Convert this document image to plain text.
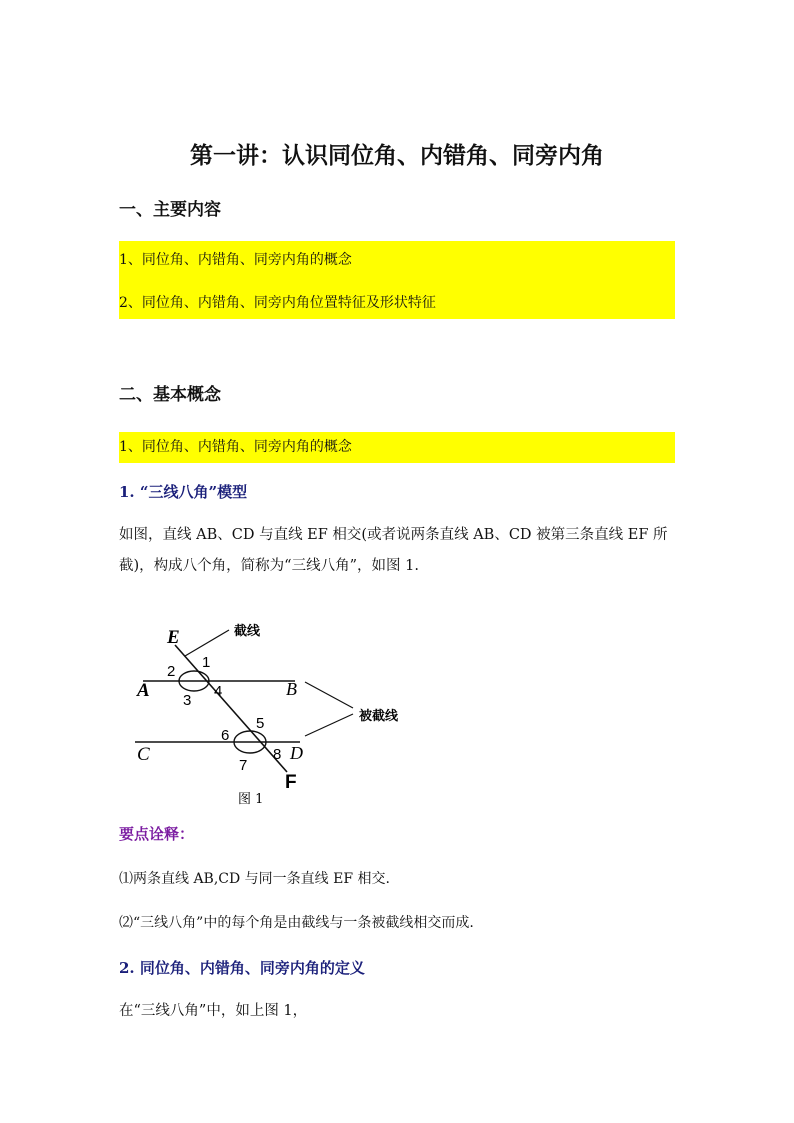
第一讲：认识同位角、内错角、同旁内角
一、主要内容
1、同位角、内错角、同旁内角的概念
2、同位角、内错角、同旁内角位置特征及形状特征
二、基本概念
1、同位角、内错角、同旁内角的概念
1. “三线八角”模型

如图，直线 AB、CD 与直线 EF 相交(或者说两条直线 AB、CD 被第三条直线 EF 所

截)，构成八个角，简称为“三线八角”，如图 1.

E	截线
1
2
A	4
3
B
被截线
5
6
C	8 D
7
F
图 1

要点诠释：

⑴两条直线 AB,CD 与同一条直线 EF 相交.

⑵“三线八角”中的每个角是由截线与一条被截线相交而成.

2. 同位角、内错角、同旁内角的定义

在“三线八角”中，如上图 1，
